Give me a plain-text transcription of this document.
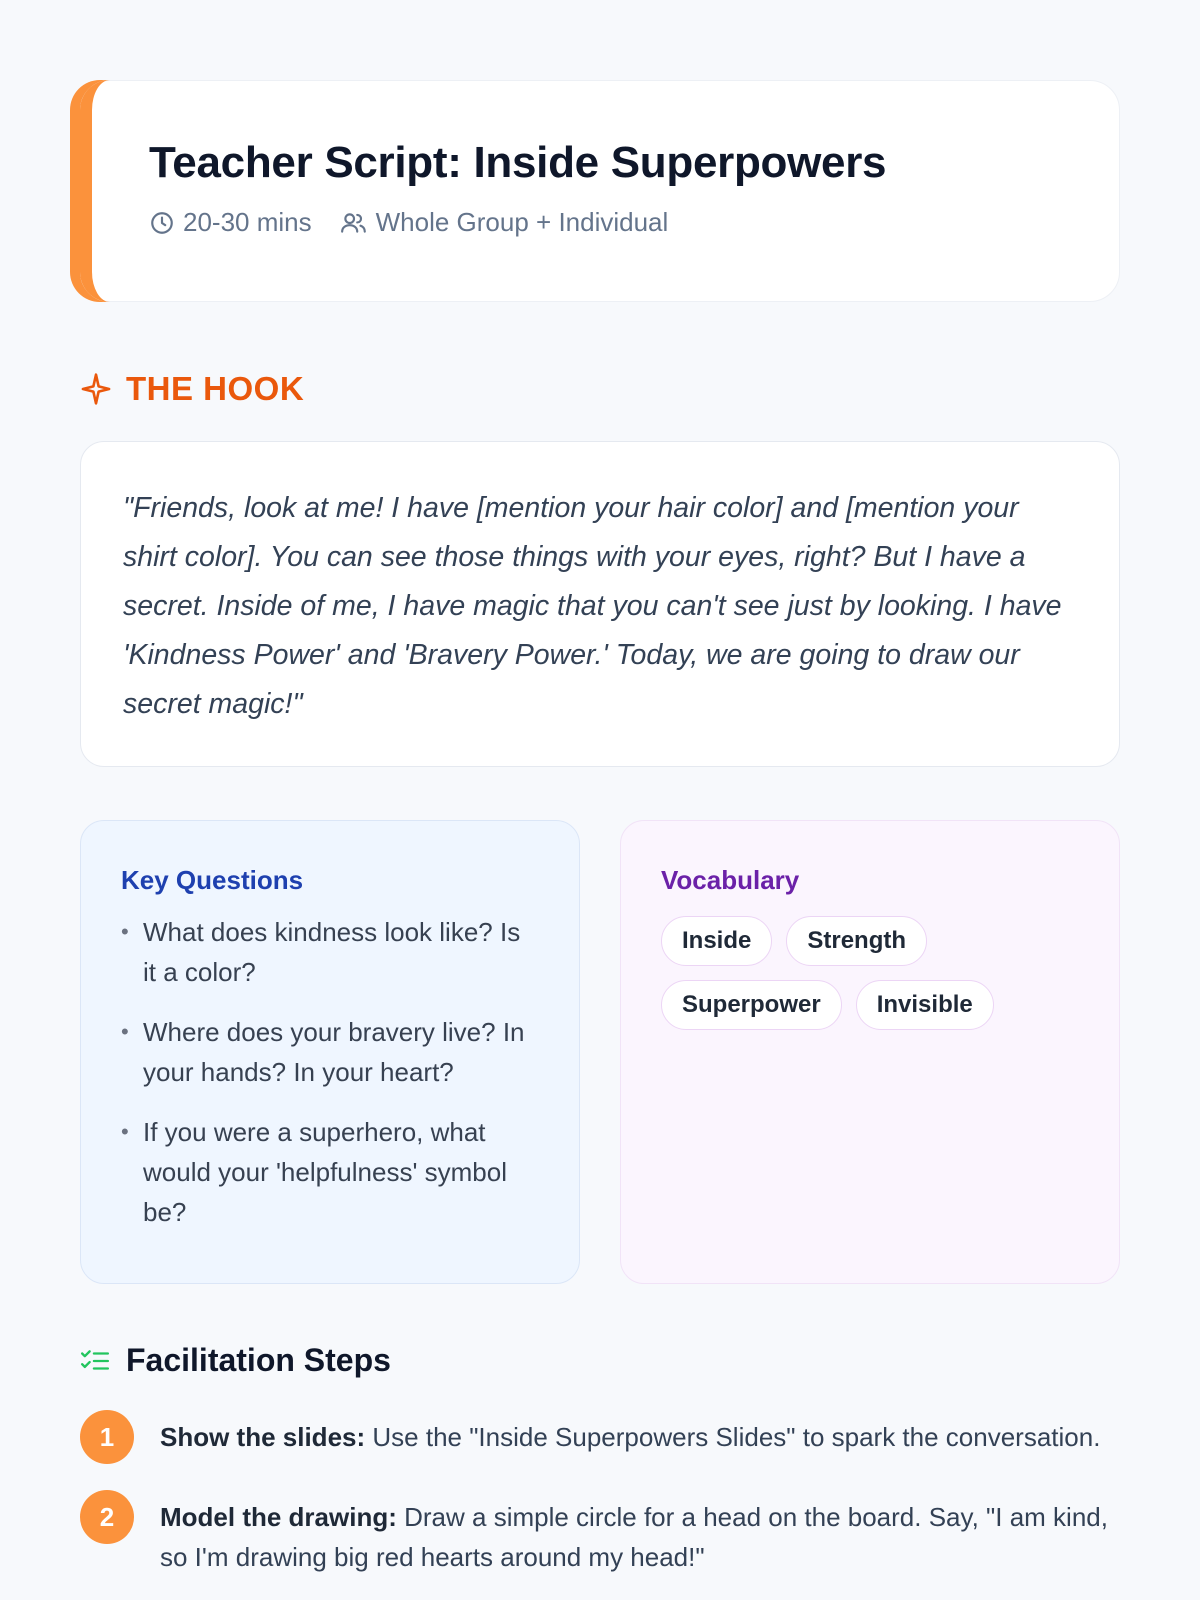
Teacher Script: Inside Superpowers
20-30 mins Whole Group + Individual
THE HOOK

"Friends, look at me! I have [mention your hair color] and [mention your shirt color]. You can see those things with your eyes, right? But I have a secret. Inside of me, I have magic that you can't see just by looking. I have 'Kindness Power' and 'Bravery Power.' Today, we are going to draw our secret magic!"

Key Questions
• What does kindness look like? Is it a color?
• Where does your bravery live? In your hands? In your heart?
• If you were a superhero, what would your 'helpfulness' symbol be?
Vocabulary
Inside	Strength
Superpower	Invisible
Facilitation Steps
1	Show the slides: Use the "Inside Superpowers Slides" to spark the conversation.
2	Model the drawing: Draw a simple circle for a head on the board. Say, "I am kind, so I'm drawing big red hearts around my head!"
